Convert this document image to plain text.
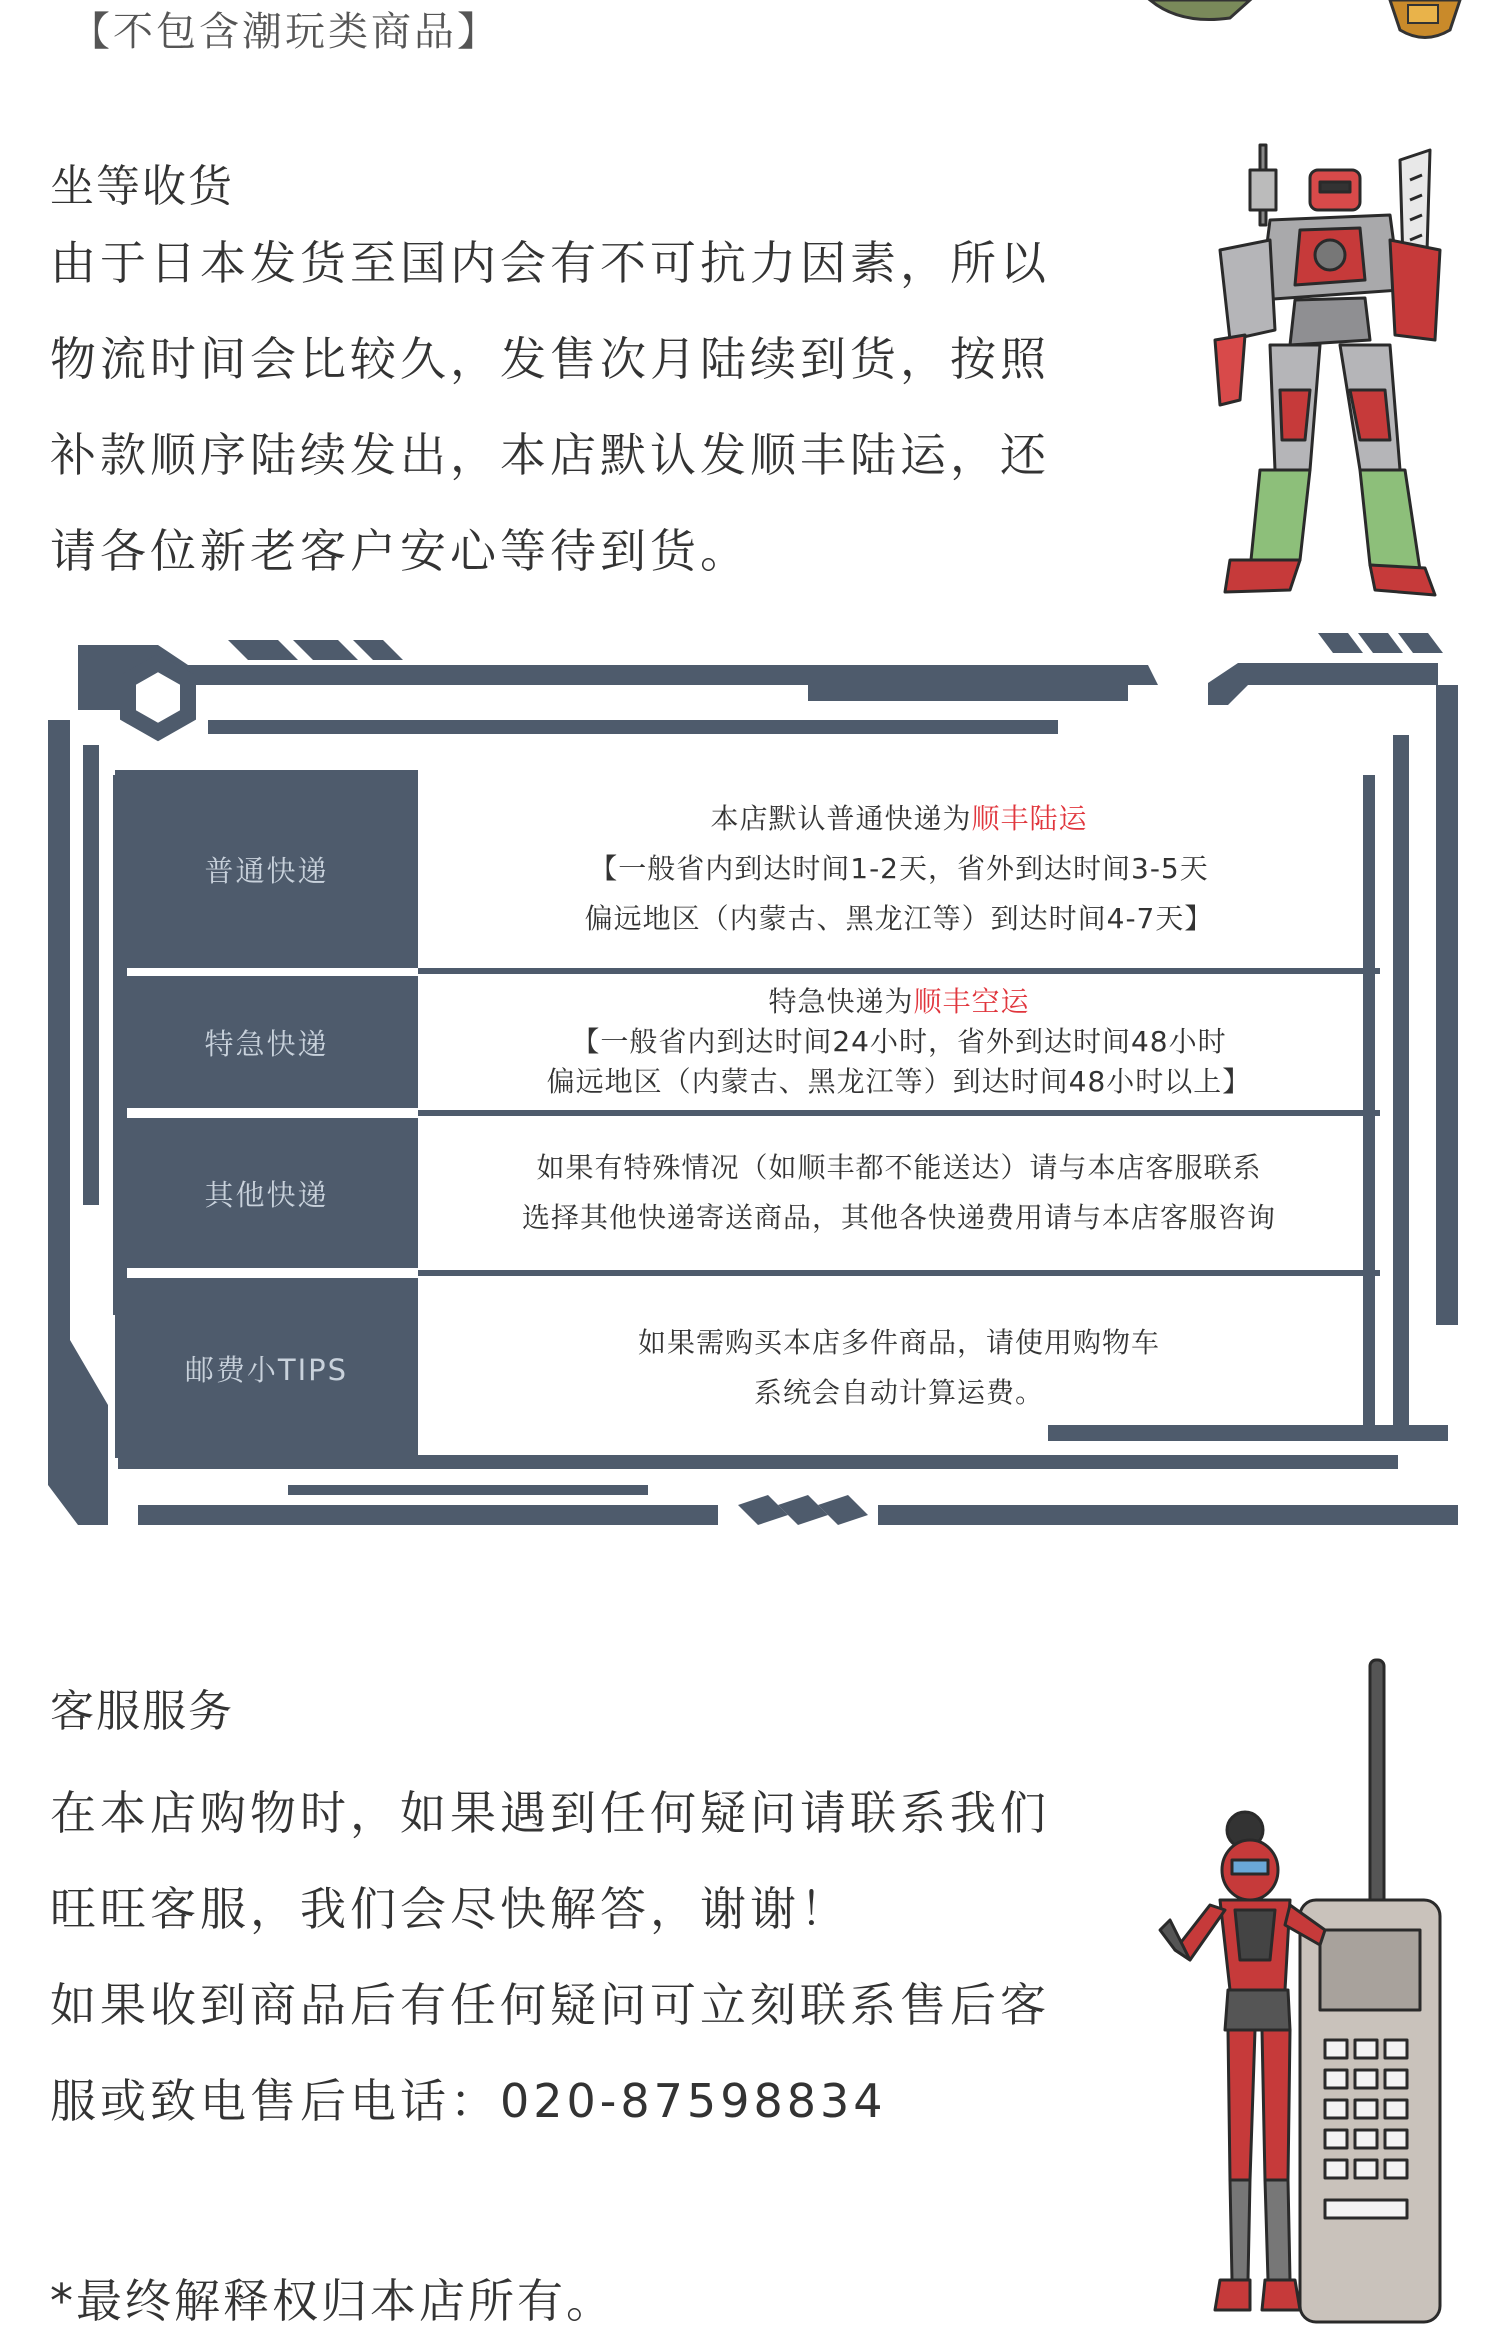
【不包含潮玩类商品】
坐等收货
由于日本发货至国内会有不可抗力因素，所以
物流时间会比较久，发售次月陆续到货，按照
补款顺序陆续发出，本店默认发顺丰陆运，还
请各位新老客户安心等待到货。
普通快递
本店默认普通快递为顺丰陆运
【一般省内到达时间1-2天，省外到达时间3-5天
偏远地区（内蒙古、黑龙江等）到达时间4-7天】
特急快递
特急快递为顺丰空运
【一般省内到达时间24小时，省外到达时间48小时
偏远地区（内蒙古、黑龙江等）到达时间48小时以上】
其他快递
如果有特殊情况（如顺丰都不能送达）请与本店客服联系
选择其他快递寄送商品，其他各快递费用请与本店客服咨询
邮费小TIPS
如果需购买本店多件商品，请使用购物车
系统会自动计算运费。
客服服务
在本店购物时，如果遇到任何疑问请联系我们
旺旺客服，我们会尽快解答，谢谢！
如果收到商品后有任何疑问可立刻联系售后客
服或致电售后电话：020-87598834
*最终解释权归本店所有。
